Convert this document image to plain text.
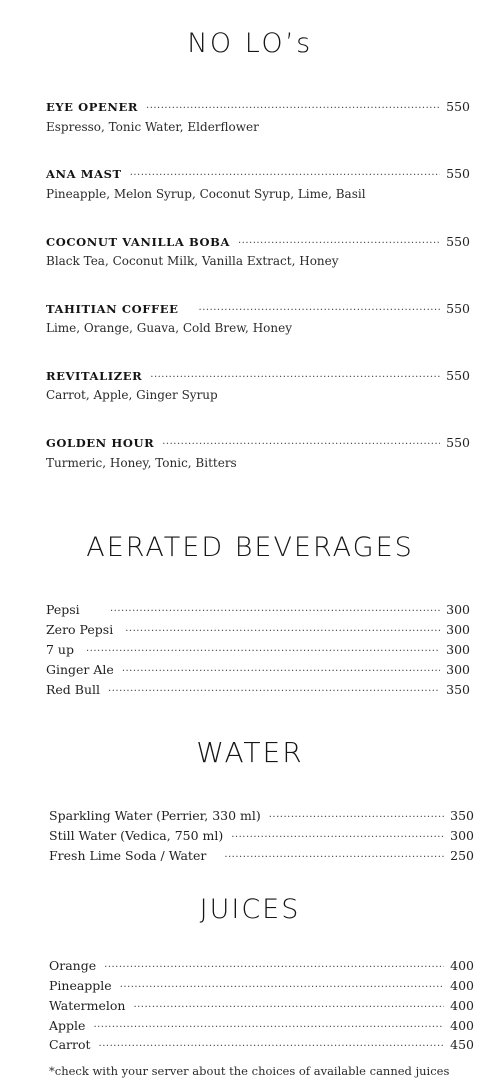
NO LO’s
EYE OPENER .....	550
Espresso, Tonic Water, Elderflower
ANA MAST .....	550
Pineapple, Melon Syrup, Coconut Syrup, Lime, Basil
COCONUT VANILLA BOBA .....	550
Black Tea, Coconut Milk, Vanilla Extract, Honey
TAHITIAN COFFEE .....	550
Lime, Orange, Guava, Cold Brew, Honey
REVITALIZER .....	550
Carrot, Apple, Ginger Syrup
GOLDEN HOUR .....	550
Turmeric, Honey, Tonic, Bitters
AERATED BEVERAGES
Pepsi .....	300
Zero Pepsi .....	300
7 up .....	300
Ginger Ale .....	300
Red Bull .....	350
WATER
Sparkling Water (Perrier, 330 ml) .....	350
Still Water (Vedica, 750 ml) .....	300
Fresh Lime Soda / Water .....	250
JUICES
Orange .....	400
Pineapple .....	400
Watermelon .....	400
Apple .....	400
Carrot .....	450
*check with your server about the choices of available canned juices
